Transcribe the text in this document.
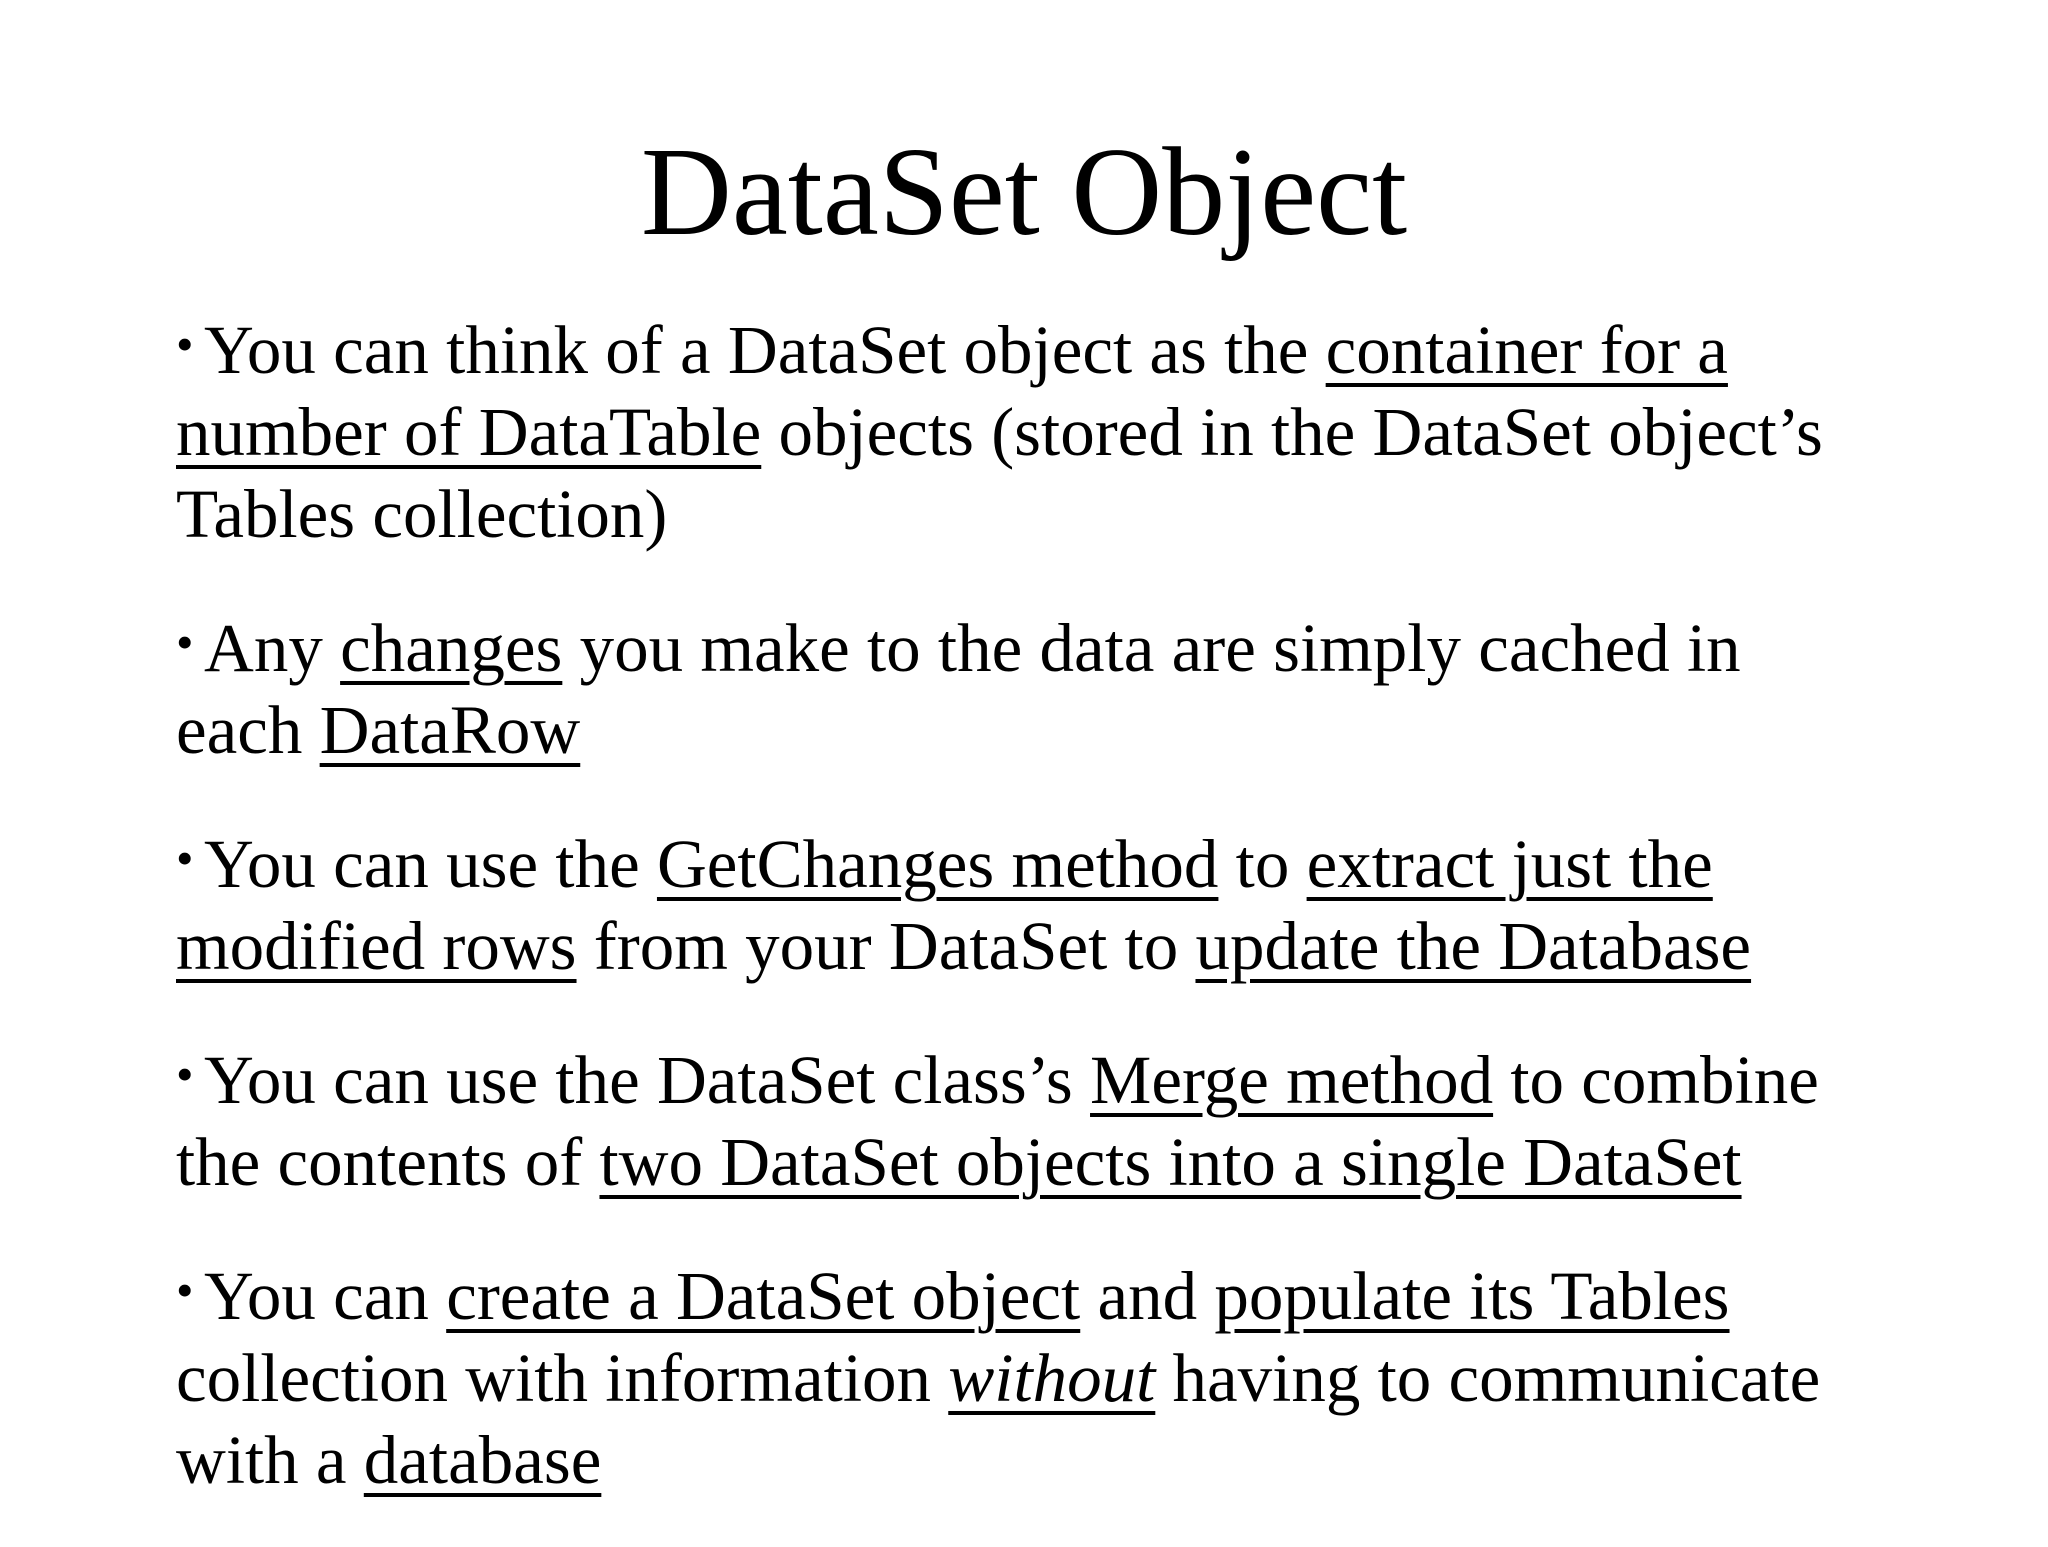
DataSet Object

• You can think of a DataSet object as the container for a number of DataTable objects (stored in the DataSet object’s Tables collection)

• Any changes you make to the data are simply cached in each DataRow

• You can use the GetChanges method to extract just the modified rows from your DataSet to update the Database

• You can use the DataSet class’s Merge method to combine the contents of two DataSet objects into a single DataSet

• You can create a DataSet object and populate its Tables collection with information without having to communicate with a database
